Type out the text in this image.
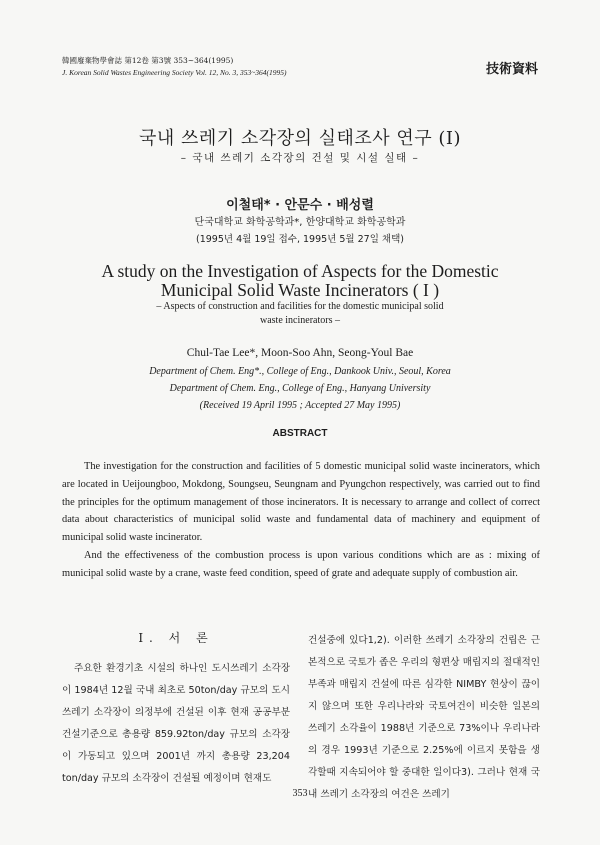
韓國廢棄物學會誌 第12卷 第3號 353~364(1995)
J. Korean Solid Wastes Engineering Society Vol. 12, No. 3, 353~364(1995)	技術資料
국내 쓰레기 소각장의 실태조사 연구 (I)
– 국내 쓰레기 소각장의 건설 및 시설 실태 –
이철태* · 안문수 · 배성렬
단국대학교 화학공학과*, 한양대학교 화학공학과
(1995년 4월 19일 접수, 1995년 5월 27일 채택)
A study on the Investigation of Aspects for the Domestic
Municipal Solid Waste Incinerators ( I )
– Aspects of construction and facilities for the domestic municipal solid
waste incinerators –
Chul-Tae Lee*, Moon-Soo Ahn, Seong-Youl Bae
Department of Chem. Eng*., College of Eng., Dankook Univ., Seoul, Korea
Department of Chem. Eng., College of Eng., Hanyang University
(Received 19 April 1995 ; Accepted 27 May 1995)
ABSTRACT

The investigation for the construction and facilities of 5 domestic municipal solid waste incinerators, which are located in Ueijoungboo, Mokdong, Soungseu, Seungnam and Pyungchon respectively, was carried out to find the principles for the optimum management of those incinerators. It is necessary to arrange and collect of correct data about characteristics of municipal solid waste and fundamental data of machinery and equipment of municipal solid waste incinerator.

And the effectiveness of the combustion process is upon various conditions which are as : mixing of municipal solid waste by a crane, waste feed condition, speed of grate and adequate supply of combustion air.

I. 서 론

주요한 환경기초 시설의 하나인 도시쓰레기 소각장이 1984년 12월 국내 최초로 50ton/day 규모의 도시쓰레기 소각장이 의정부에 건설된 이후 현재 공공부분 건설기준으로 총용량 859.92ton/day 규모의 소각장이 가동되고 있으며 2001년 까지 총용량 23,204 ton/day 규모의 소각장이 건설될 예정이며 현재도

건설중에 있다1,2). 이러한 쓰레기 소각장의 건립은 근본적으로 국토가 좁은 우리의 형편상 매립지의 절대적인 부족과 매립지 건설에 따른 심각한 NIMBY 현상이 끊이지 않으며 또한 우리나라와 국토여건이 비슷한 일본의 쓰레기 소각율이 1988년 기준으로 73%이나 우리나라의 경우 1993년 기준으로 2.25%에 이르지 못함을 생각할때 지속되어야 할 중대한 일이다3). 그러나 현재 국내 쓰레기 소각장의 여건은 쓰레기

353
